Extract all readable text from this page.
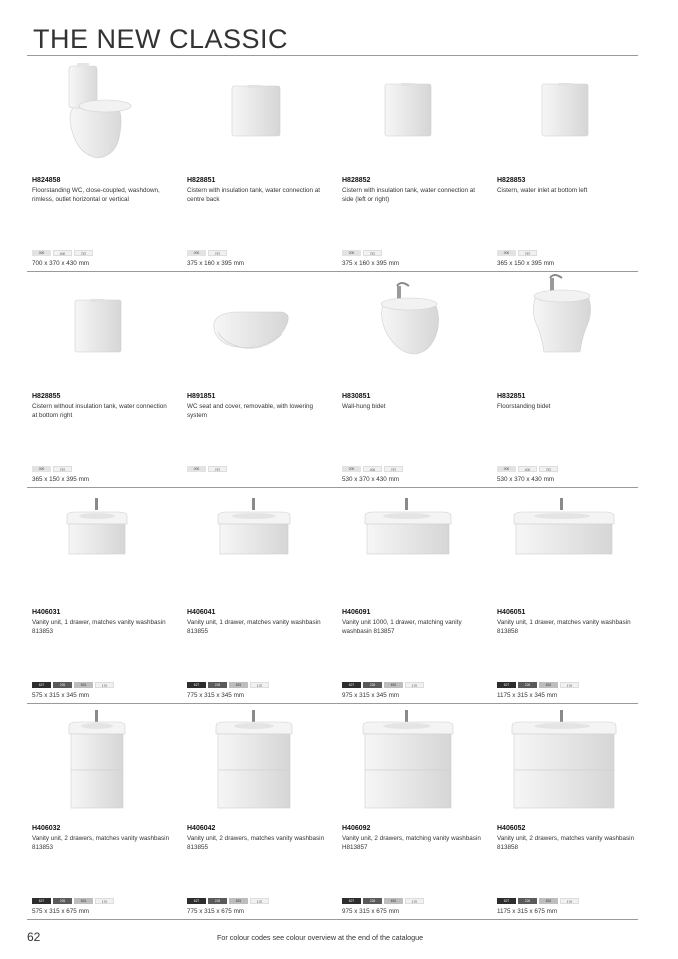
THE NEW CLASSIC
H824858
Floorstanding WC, close-coupled, washdown, rimless, outlet horizontal or vertical
000	400	757
700 x 370 x 430 mm
H828851
Cistern with insulation tank, water connection at centre back
000	757
375 x 160 x 395 mm
H828852
Cistern with insulation tank, water connection at side (left or right)
000	757
375 x 160 x 395 mm
H828853
Cistern, water inlet at bottom left
000	757
365 x 150 x 395 mm
H828855
Cistern without insulation tank, water connection at bottom right
000	757
365 x 150 x 395 mm
H891851
WC seat and cover, removable, with lowering system
000	757
H830851
Wall-hung bidet
000	400	757
530 x 370 x 430 mm
H832851
Floorstanding bidet
000	400	757
530 x 370 x 430 mm
H406031
Vanity unit, 1 drawer, matches vanity washbasin 813853
627	226	631	170
575 x 315 x 345 mm
H406041
Vanity unit, 1 drawer, matches vanity washbasin 813855
627	226	631	170
775 x 315 x 345 mm
H406091
Vanity unit 1000, 1 drawer, matching vanity washbasin 813857
627	226	631	170
975 x 315 x 345 mm
H406051
Vanity unit, 1 drawer, matches vanity washbasin 813858
627	226	631	170
1175 x 315 x 345 mm
H406032
Vanity unit, 2 drawers, matches vanity washbasin 813853
627	226	631	170
575 x 315 x 675 mm
H406042
Vanity unit, 2 drawers, matches vanity washbasin 813855
627	226	631	170
775 x 315 x 675 mm
H406092
Vanity unit, 2 drawers, matching vanity washbasin H813857
627	226	631	170
975 x 315 x 675 mm
H406052
Vanity unit, 2 drawers, matches vanity washbasin 813858
627	226	631	170
1175 x 315 x 675 mm
62	For colour codes see colour overview at the end of the catalogue
